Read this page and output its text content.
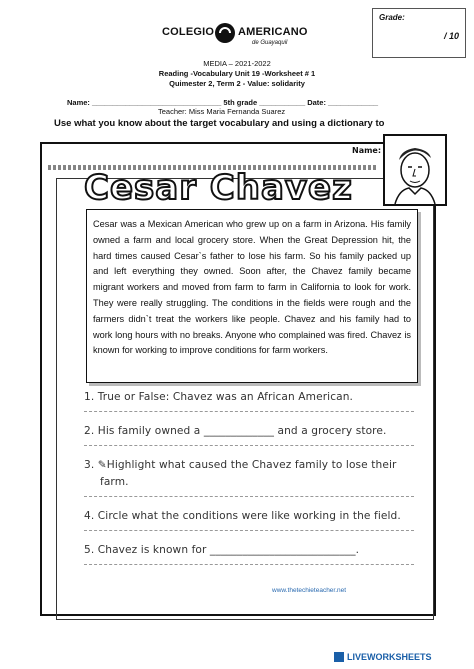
COLEGIO AMERICANO
de Guayaquil
Grade:
/ 10
MEDIA – 2021-2022
Reading -Vocabulary Unit 19 -Worksheet # 1
Quimester 2, Term 2 - Value: solidarity
Name: _______________________________ 5th grade ___________ Date: ____________
Teacher: Miss Maria Fernanda Suarez
Use what you know about the target vocabulary and using a dictionary to
Name:
Cesar Chavez
Cesar was a Mexican American who grew up on a farm in Arizona. His family owned a farm and local grocery store. When the Great Depression hit, the hard times caused Cesar`s father to lose his farm. So his family packed up and left everything they owned. Soon after, the Chavez family became migrant workers and moved from farm to farm in California to look for work. They were really struggling. The conditions in the fields were rough and the farmers didn`t treat the workers like people. Chavez and his family had to work long hours with no breaks. Anyone who complained was fired. Chavez is known for working to improve conditions for farm workers.
1. True or False: Chavez was an African American.
2. His family owned a _____________ and a grocery store.
3. ✎Highlight what caused the Chavez family to lose their
farm.
4. Circle what the conditions were like working in the field.
5. Chavez is known for ___________________________.
www.thetechieteacher.net
LIVEWORKSHEETS
